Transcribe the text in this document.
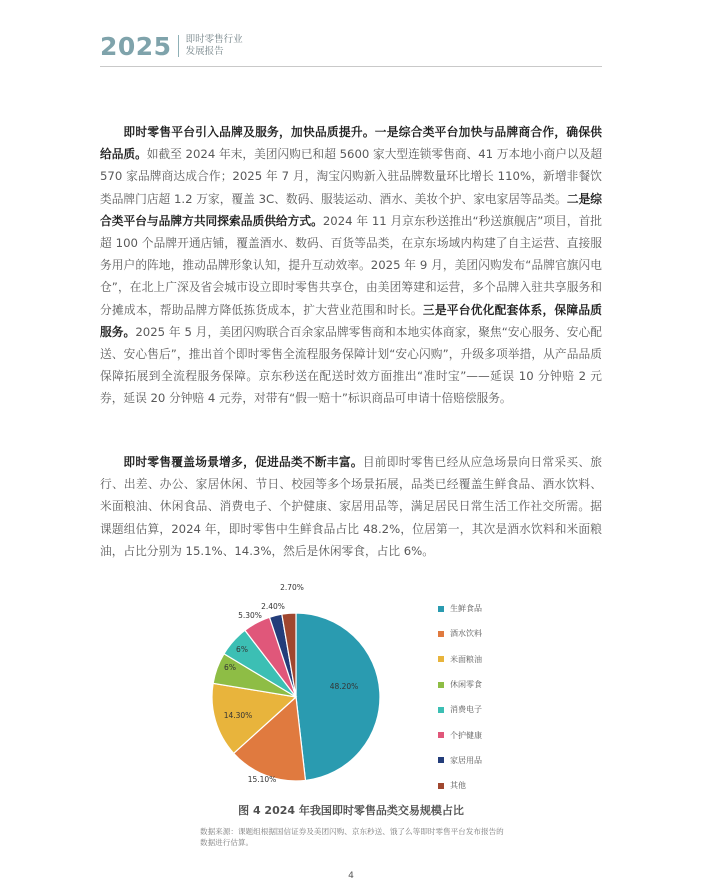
2025 即时零售行业
发展报告
即时零售平台引入品牌及服务，加快品质提升。一是综合类平台加快与品牌商合作，确保供给品质。如截至 2024 年末，美团闪购已和超 5600 家大型连锁零售商、41 万本地小商户以及超 570 家品牌商达成合作；2025 年 7 月，淘宝闪购新入驻品牌数量环比增长 110%，新增非餐饮类品牌门店超 1.2 万家，覆盖 3C、数码、服装运动、酒水、美妆个护、家电家居等品类。二是综合类平台与品牌方共同探索品质供给方式。2024 年 11 月京东秒送推出“秒送旗舰店”项目，首批超 100 个品牌开通店铺，覆盖酒水、数码、百货等品类，在京东场域内构建了自主运营、直接服务用户的阵地，推动品牌形象认知，提升互动效率。2025 年 9 月，美团闪购发布“品牌官旗闪电仓”，在北上广深及省会城市设立即时零售共享仓，由美团筹建和运营，多个品牌入驻共享服务和分摊成本，帮助品牌方降低拣货成本，扩大营业范围和时长。三是平台优化配套体系，保障品质服务。2025 年 5 月，美团闪购联合百余家品牌零售商和本地实体商家，聚焦“安心服务、安心配送、安心售后”，推出首个即时零售全流程服务保障计划“安心闪购”，升级多项举措，从产品品质保障拓展到全流程服务保障。京东秒送在配送时效方面推出“准时宝”——延误 10 分钟赔 2 元券，延误 20 分钟赔 4 元券，对带有“假一赔十”标识商品可申请十倍赔偿服务。
即时零售覆盖场景增多，促进品类不断丰富。目前即时零售已经从应急场景向日常采买、旅行、出差、办公、家居休闲、节日、校园等多个场景拓展，品类已经覆盖生鲜食品、酒水饮料、米面粮油、休闲食品、消费电子、个护健康、家居用品等，满足居民日常生活工作社交所需。据课题组估算，2024 年，即时零售中生鲜食品占比 48.2%，位居第一，其次是酒水饮料和米面粮油，占比分别为 15.1%、14.3%，然后是休闲零食，占比 6%。
48.20%
15.10%
14.30%
6%
6%
5.30%
2.40%
2.70%
生鲜食品
酒水饮料
米面粮油
休闲零食
消费电子
个护健康
家居用品
其他
图 4 2024 年我国即时零售品类交易规模占比
数据来源：课题组根据国信证券及美团闪购、京东秒送、饿了么等即时零售平台发布报告的数据进行估算。
4
